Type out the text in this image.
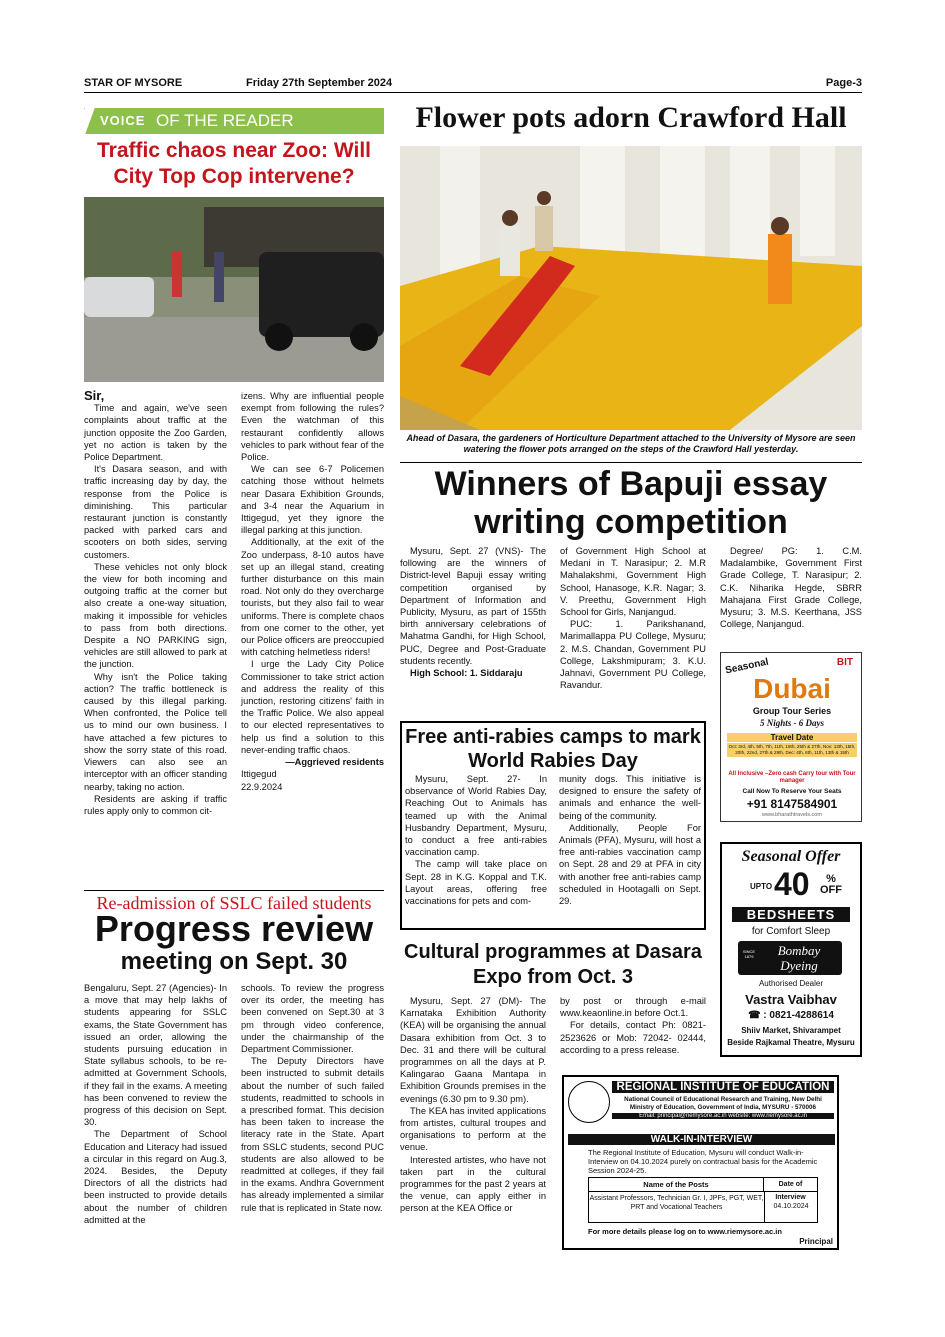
STAR OF MYSORE	Friday 27th September 2024	Page-3
VOICE OF THE READER
Traffic chaos near Zoo: Will City Top Cop intervene?

Sir,

Time and again, we've seen complaints about traffic at the junction opposite the Zoo Garden, yet no action is taken by the Police Department.

It's Dasara season, and with traffic increasing day by day, the response from the Police is diminishing. This particular restaurant junction is constantly packed with parked cars and scooters on both sides, serving customers.

These vehicles not only block the view for both incoming and outgoing traffic at the corner but also create a one-way situation, making it impossible for vehicles to pass from both directions. Despite a NO PARKING sign, vehicles are still allowed to park at the junction.

Why isn't the Police taking action? The traffic bottleneck is caused by this illegal parking. When confronted, the Police tell us to mind our own business. I have attached a few pictures to show the sorry state of this road. Viewers can also see an interceptor with an officer standing nearby, taking no action.

Residents are asking if traffic rules apply only to common cit-

izens. Why are influential people exempt from following the rules? Even the watchman of this restaurant confidently allows vehicles to park without fear of the Police.

We can see 6-7 Policemen catching those without helmets near Dasara Exhibition Grounds, and 3-4 near the Aquarium in Ittigegud, yet they ignore the illegal parking at this junction.

Additionally, at the exit of the Zoo underpass, 8-10 autos have set up an illegal stand, creating further disturbance on this main road. Not only do they overcharge tourists, but they also fail to wear uniforms. There is complete chaos from one corner to the other, yet our Police officers are preoccupied with catching helmetless riders!

I urge the Lady City Police Commissioner to take strict action and address the reality of this junction, restoring citizens' faith in the Traffic Police. We also appeal to our elected representatives to help us find a solution to this never-ending traffic chaos.

—Aggrieved residents

Ittigegud

22.9.2024

Re-admission of SSLC failed students
Progress review
meeting on Sept. 30

Bengaluru, Sept. 27 (Agencies)- In a move that may help lakhs of students appearing for SSLC exams, the State Government has issued an order, allowing the students pursuing education in State syllabus schools, to be re-admitted at Government Schools, if they fail in the exams. A meeting has been convened to review the progress of this decision on Sept. 30.

The Department of School Education and Literacy had issued a circular in this regard on Aug.3, 2024. Besides, the Deputy Directors of all the districts had been instructed to provide details about the number of children admitted at the

schools. To review the progress over its order, the meeting has been convened on Sept.30 at 3 pm through video conference, under the chairmanship of the Department Commissioner.

The Deputy Directors have been instructed to submit details about the number of such failed students, readmitted to schools in a prescribed format. This decision has been taken to increase the literacy rate in the State. Apart from SSLC students, second PUC students are also allowed to be readmitted at colleges, if they fail in the exams. Andhra Government has already implemented a similar rule that is replicated in State now.

Flower pots adorn Crawford Hall
Ahead of Dasara, the gardeners of Horticulture Department attached to the University of Mysore are seen watering the flower pots arranged on the steps of the Crawford Hall yesterday.
Winners of Bapuji essay writing competition

Mysuru, Sept. 27 (VNS)- The following are the winners of District-level Bapuji essay writing competition organised by Department of Information and Publicity, Mysuru, as part of 155th birth anniversary celebrations of Mahatma Gandhi, for High School, PUC, Degree and Post-Graduate students recently.

High School: 1. Siddaraju

of Government High School at Medani in T. Narasipur; 2. M.R Mahalakshmi, Government High School, Hanasoge, K.R. Nagar; 3. V. Preethu, Government High School for Girls, Nanjangud.

PUC: 1. Parikshanand, Marimallappa PU College, Mysuru; 2. M.S. Chandan, Government PU College, Lakshmipuram; 3. K.U. Jahnavi, Government PU College, Ravandur.

Degree/ PG: 1. C.M. Madalambike, Government First Grade College, T. Narasipur; 2. C.K. Niharika Hegde, SBRR Mahajana First Grade College, Mysuru; 3. M.S. Keerthana, JSS College, Nanjangud.

Free anti-rabies camps to mark World Rabies Day

Mysuru, Sept. 27- In observance of World Rabies Day, Reaching Out to Animals has teamed up with the Animal Husbandry Department, Mysuru, to conduct a free anti-rabies vaccination camp.

The camp will take place on Sept. 28 in K.G. Koppal and T.K. Layout areas, offering free vaccinations for pets and com-

munity dogs. This initiative is designed to ensure the safety of animals and enhance the well-being of the community.

Additionally, People For Animals (PFA), Mysuru, will host a free anti-rabies vaccination camp on Sept. 28 and 29 at PFA in city with another free anti-rabies camp scheduled in Hootagalli on Sept. 29.

Cultural programmes at Dasara Expo from Oct. 3

Mysuru, Sept. 27 (DM)- The Karnataka Exhibition Authority (KEA) will be organising the annual Dasara exhibition from Oct. 3 to Dec. 31 and there will be cultural programmes on all the days at P. Kalingarao Gaana Mantapa in Exhibition Grounds premises in the evenings (6.30 pm to 9.30 pm).

The KEA has invited applications from artistes, cultural troupes and organisations to perform at the venue.

Interested artistes, who have not taken part in the cultural programmes for the past 2 years at the venue, can apply either in person at the KEA Office or

by post or through e-mail www.keaonline.in before Oct.1.

For details, contact Ph: 0821-2523626 or Mob: 72042- 02444, according to a press release.

Seasonal	BIT
Dubai
Group Tour Series
5 Nights - 6 Days
Travel Date
Oct: 3rd, 4th, 5th, 7th, 11th, 18th, 25th & 27th, Nov: 13th, 15th, 20th, 22nd, 27th & 29th, Dec: 4th, 6th, 11th, 13th & 15th
All Inclusive –Zero cash Carry tour with Tour manager
Call Now To Reserve Your Seats
+91 8147584901
www.bharathtravels.com
Seasonal Offer
UPTO 40	% OFF
BEDSHEETS
for Comfort Sleep
SINCE 1879	Bombay Dyeing
Authorised Dealer
Vastra Vaibhav
☎ : 0821-4288614
Shiiv Market, Shivarampet
Beside Rajkamal Theatre, Mysuru
REGIONAL INSTITUTE OF EDUCATION
National Council of Educational Research and Training, New Delhi
Ministry of Education, Government of India, MYSURU - 570006
Email: principal@riemysore.ac.in website: www.riemysore.ac.in
WALK-IN-INTERVIEW
The Regional Institute of Education, Mysuru will conduct Walk-in-Interview on 04.10.2024 purely on contractual basis for the Academic Session 2024-25.
Name of the Posts	Date of Interview
Assistant Professors, Technician Gr. I, JPFs, PGT, WET, PRT and Vocational Teachers	04.10.2024
For more details please log on to www.riemysore.ac.in
Principal
